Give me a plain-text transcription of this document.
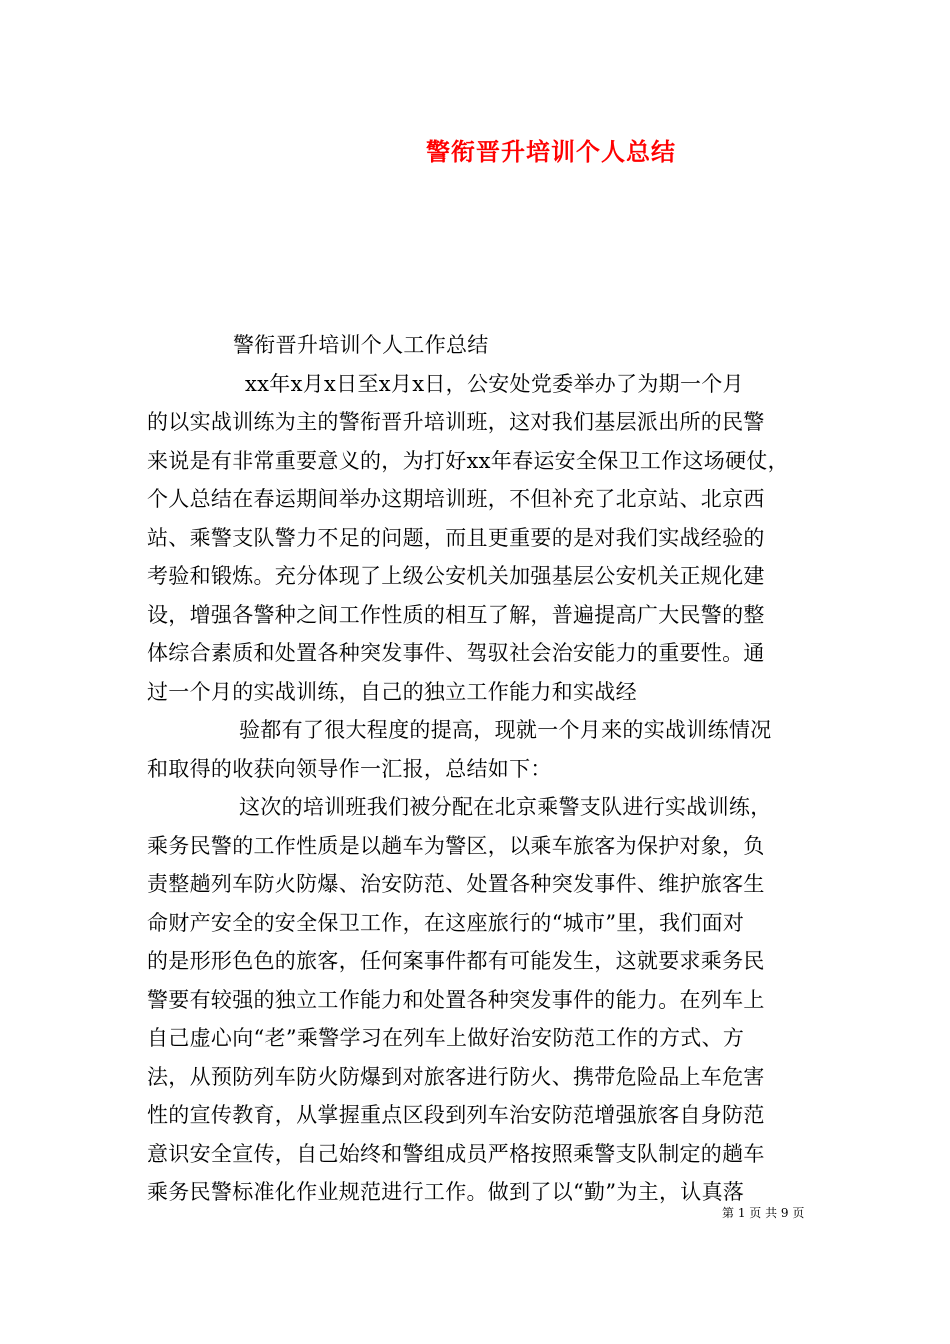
警衔晋升培训个人总结
警衔晋升培训个人工作总结
xx年x月x日至x月x日，公安处党委举办了为期一个月
的以实战训练为主的警衔晋升培训班，这对我们基层派出所的民警
来说是有非常重要意义的，为打好xx年春运安全保卫工作这场硬仗，
个人总结在春运期间举办这期培训班，不但补充了北京站、北京西
站、乘警支队警力不足的问题，而且更重要的是对我们实战经验的
考验和锻炼。充分体现了上级公安机关加强基层公安机关正规化建
设，增强各警种之间工作性质的相互了解，普遍提高广大民警的整
体综合素质和处置各种突发事件、驾驭社会治安能力的重要性。通
过一个月的实战训练，自己的独立工作能力和实战经
验都有了很大程度的提高，现就一个月来的实战训练情况
和取得的收获向领导作一汇报，总结如下：
这次的培训班我们被分配在北京乘警支队进行实战训练，
乘务民警的工作性质是以趟车为警区，以乘车旅客为保护对象，负
责整趟列车防火防爆、治安防范、处置各种突发事件、维护旅客生
命财产安全的安全保卫工作，在这座旅行的“城市”里，我们面对
的是形形色色的旅客，任何案事件都有可能发生，这就要求乘务民
警要有较强的独立工作能力和处置各种突发事件的能力。在列车上
自己虚心向“老”乘警学习在列车上做好治安防范工作的方式、方
法，从预防列车防火防爆到对旅客进行防火、携带危险品上车危害
性的宣传教育，从掌握重点区段到列车治安防范增强旅客自身防范
意识安全宣传，自己始终和警组成员严格按照乘警支队制定的趟车
乘务民警标准化作业规范进行工作。做到了以“勤”为主，认真落
第 1 页 共 9 页
